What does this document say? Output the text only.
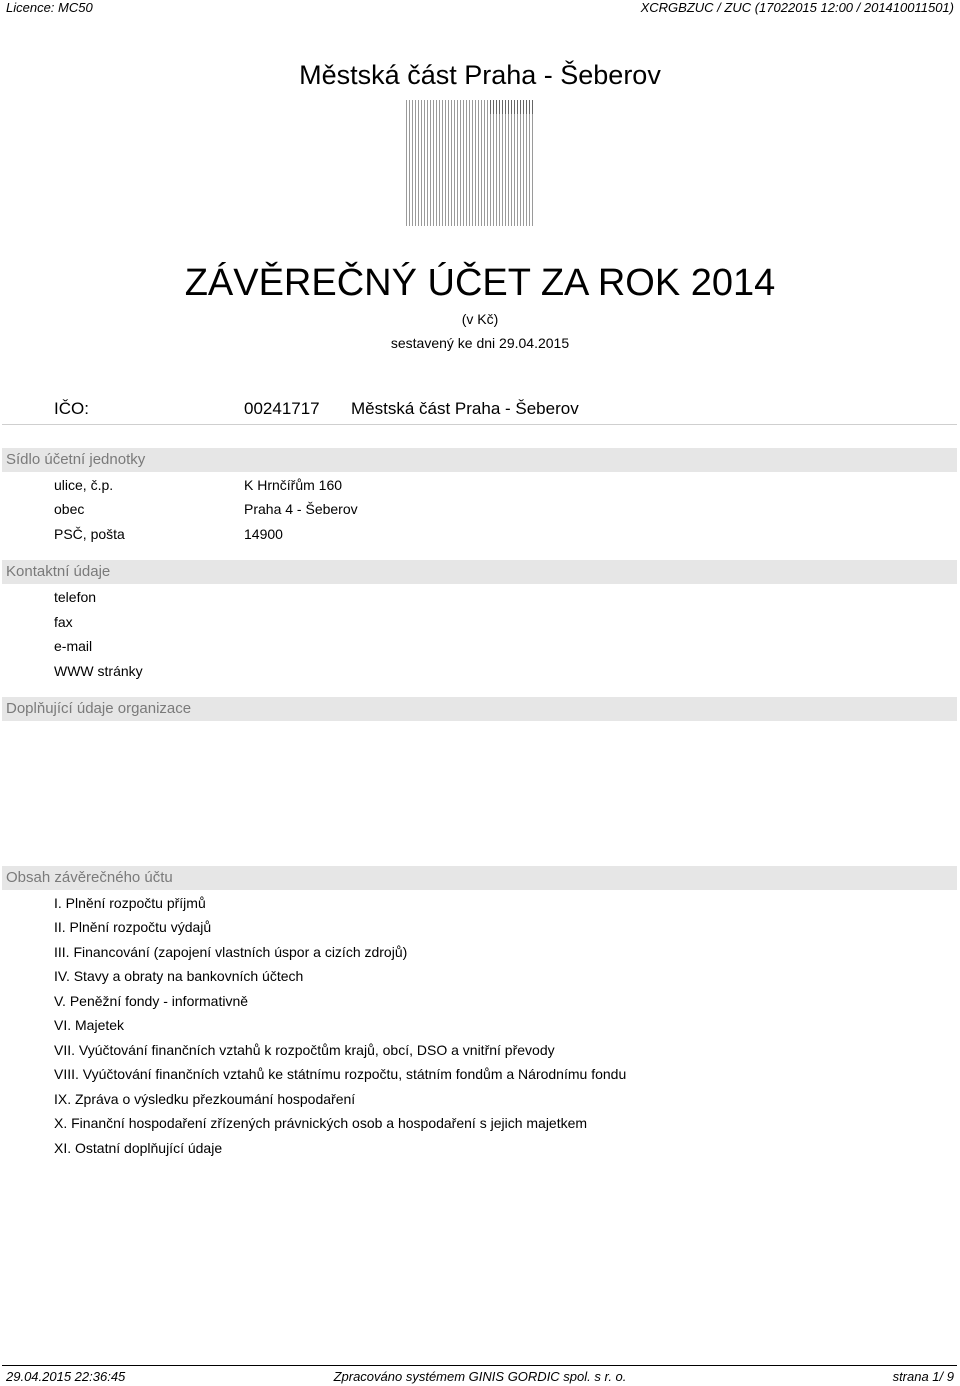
Licence: MC50	XCRGBZUC / ZUC (17022015 12:00 / 201410011501)
Městská část Praha - Šeberov
ZÁVĚREČNÝ ÚČET ZA ROK 2014
(v Kč)
sestavený ke dni 29.04.2015
IČO:	00241717 Městská část Praha - Šeberov
Sídlo účetní jednotky
ulice, č.p.	K Hrnčířům 160
obec	Praha 4 - Šeberov
PSČ, pošta	14900
Kontaktní údaje
telefon
fax
e-mail
WWW stránky
Doplňující údaje organizace
Obsah závěrečného účtu
I. Plnění rozpočtu příjmů
II. Plnění rozpočtu výdajů
III. Financování (zapojení vlastních úspor a cizích zdrojů)
IV. Stavy a obraty na bankovních účtech
V. Peněžní fondy - informativně
VI. Majetek
VII. Vyúčtování finančních vztahů k rozpočtům krajů, obcí, DSO a vnitřní převody
VIII. Vyúčtování finančních vztahů ke státnímu rozpočtu, státním fondům a Národnímu fondu
IX. Zpráva o výsledku přezkoumání hospodaření
X. Finanční hospodaření zřízených právnických osob a hospodaření s jejich majetkem
XI. Ostatní doplňující údaje
29.04.2015 22:36:45	Zpracováno systémem GINIS GORDIC spol. s r. o.	strana 1/ 9
